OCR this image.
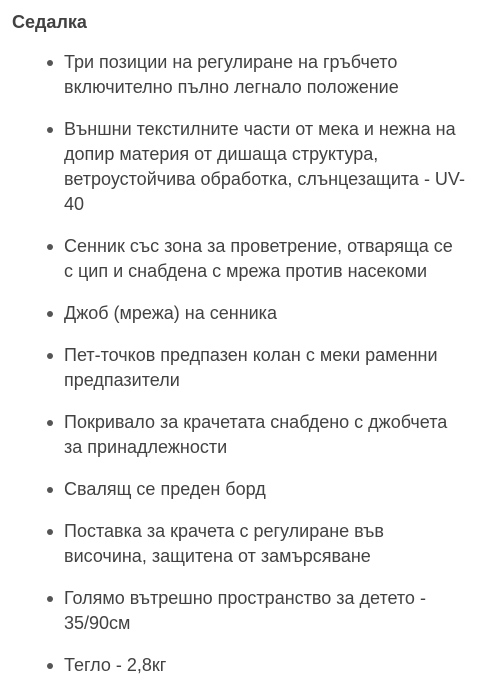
Седалка
Три позиции на регулиране на гръбчето включително пълно легнало положение
Външни текстилните части от мека и нежна на допир материя от дишаща структура, ветроустойчива обработка, слънцезащита - UV-40
Сенник със зона за проветрение, отваряща се с цип и снабдена с мрежа против насекоми
Джоб (мрежа) на сенника
Пет-точков предпазен колан с меки раменни предпазители
Покривало за крачетата снабдено с джобчета за принадлежности
Свалящ се преден борд
Поставка за крачета с регулиране във височина, защитена от замърсяване
Голямо вътрешно пространство за детето - 35/90см
Тегло - 2,8кг
